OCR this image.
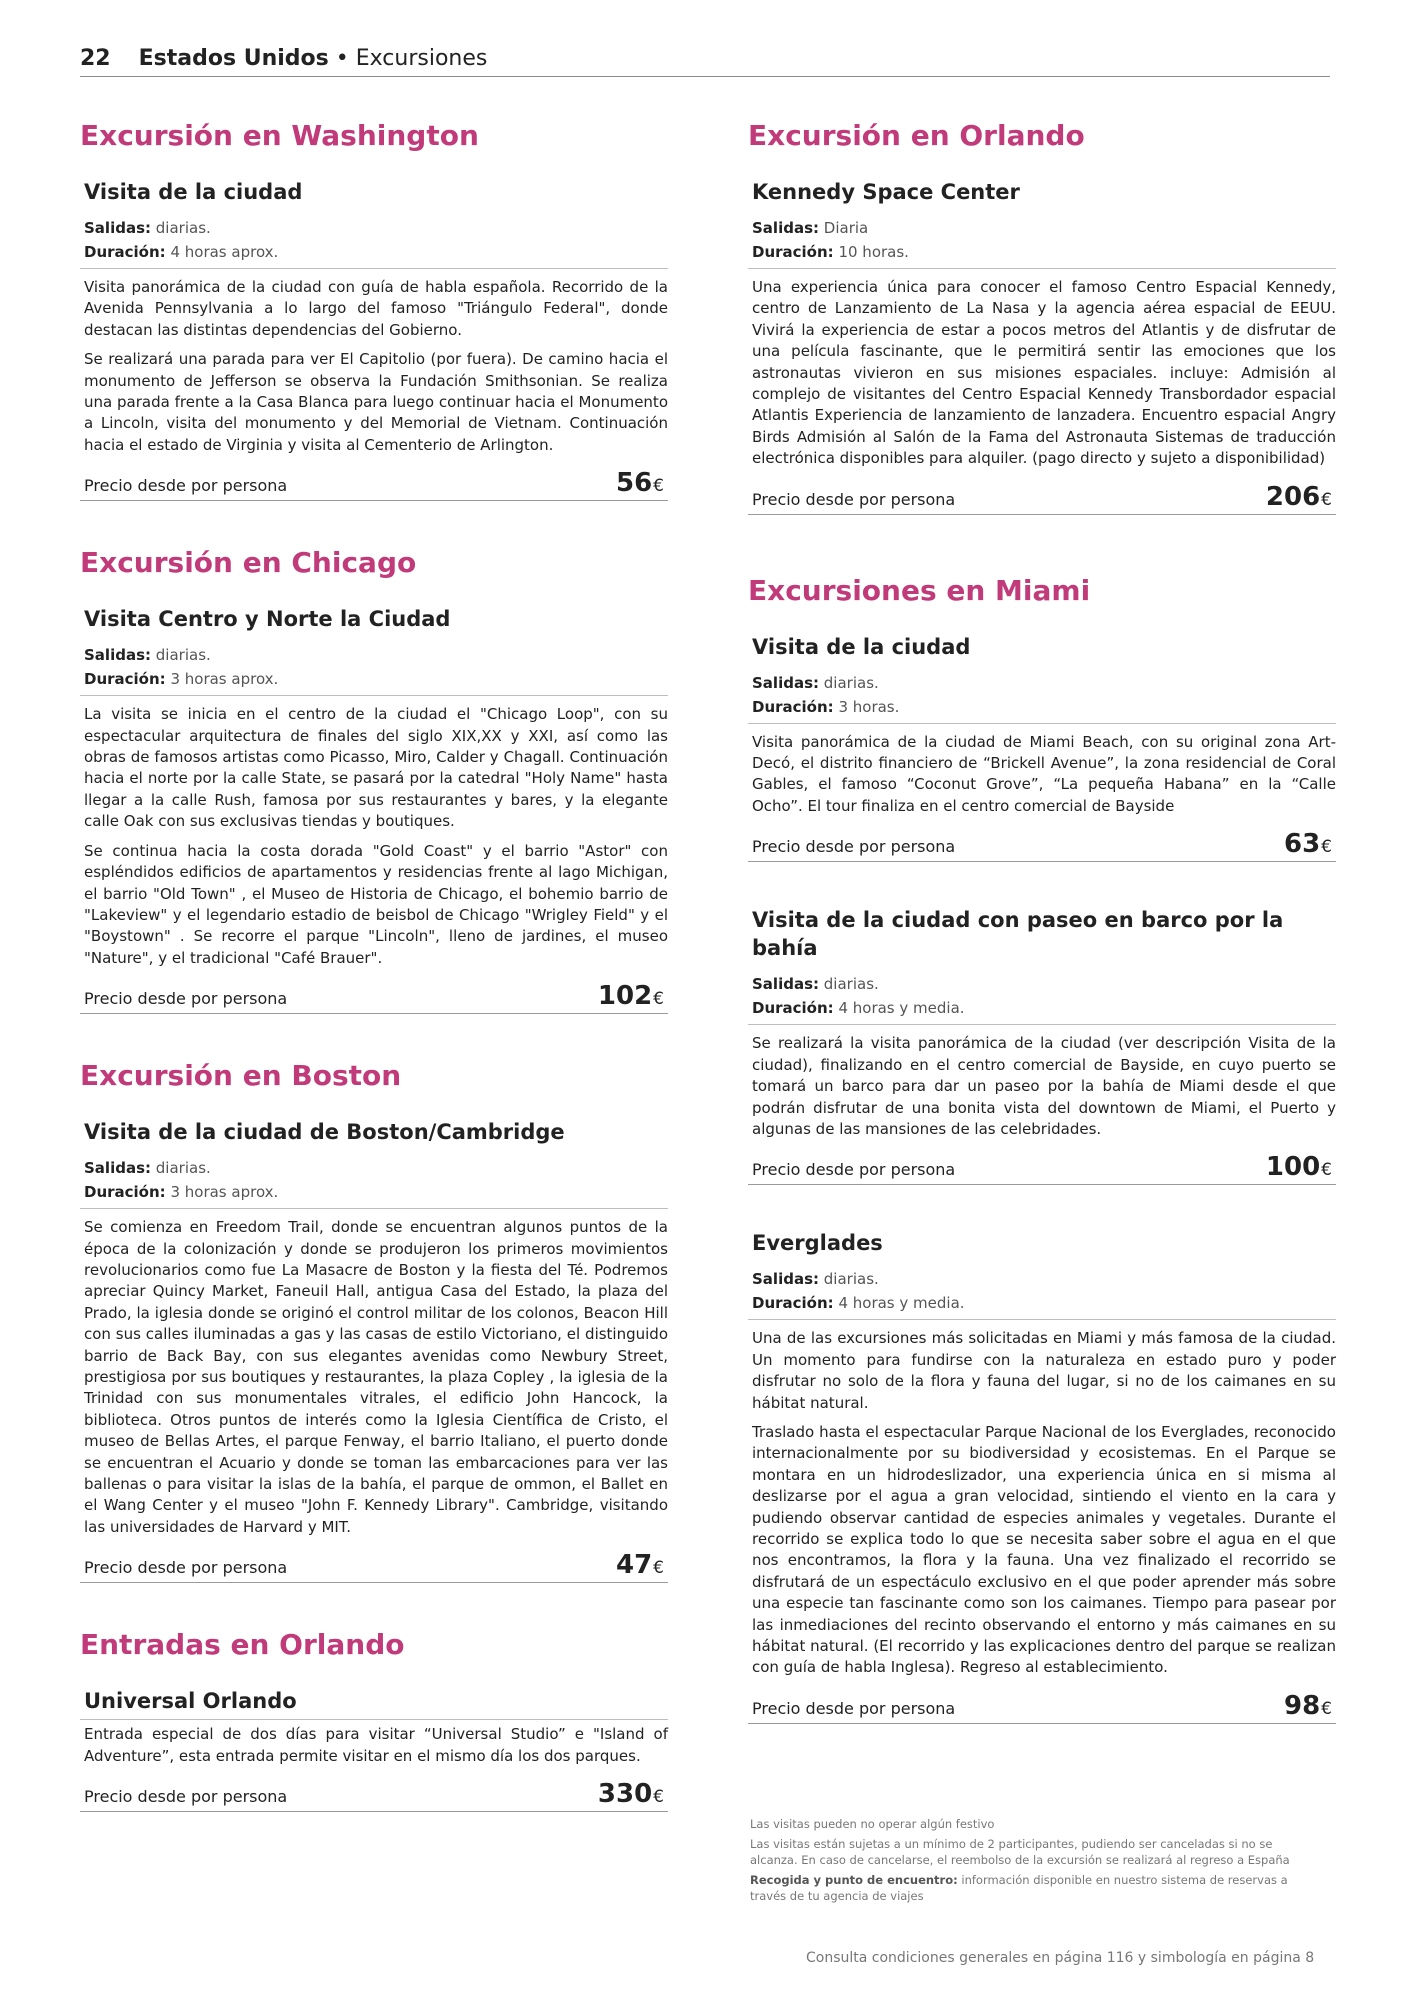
22 Estados Unidos • Excursiones
Excursión en Washington
Visita de la ciudad
Salidas: diarias.
Duración: 4 horas aprox.

Visita panorámica de la ciudad con guía de habla española. Recorrido de la Avenida Pennsylvania a lo largo del famoso "Triángulo Federal", donde destacan las distintas dependencias del Gobierno.

Se realizará una parada para ver El Capitolio (por fuera). De camino hacia el monumento de Jefferson se observa la Fundación Smithsonian. Se realiza una parada frente a la Casa Blanca para luego continuar hacia el Monumento a Lincoln, visita del monumento y del Memorial de Vietnam. Continuación hacia el estado de Virginia y visita al Cementerio de Arlington.

Precio desde por persona	56€
Excursión en Chicago
Visita Centro y Norte la Ciudad
Salidas: diarias.
Duración: 3 horas aprox.

La visita se inicia en el centro de la ciudad el "Chicago Loop", con su espectacular arquitectura de finales del siglo XIX,XX y XXI, así como las obras de famosos artistas como Picasso, Miro, Calder y Chagall. Continuación hacia el norte por la calle State, se pasará por la catedral "Holy Name" hasta llegar a la calle Rush, famosa por sus restaurantes y bares, y la elegante calle Oak con sus exclusivas tiendas y boutiques.

Se continua hacia la costa dorada "Gold Coast" y el barrio "Astor" con espléndidos edificios de apartamentos y residencias frente al lago Michigan, el barrio "Old Town" , el Museo de Historia de Chicago, el bohemio barrio de "Lakeview" y el legendario estadio de beisbol de Chicago "Wrigley Field" y el "Boystown" . Se recorre el parque "Lincoln", lleno de jardines, el museo "Nature", y el tradicional "Café Brauer".

Precio desde por persona	102€
Excursión en Boston
Visita de la ciudad de Boston/Cambridge
Salidas: diarias.
Duración: 3 horas aprox.

Se comienza en Freedom Trail, donde se encuentran algunos puntos de la época de la colonización y donde se produjeron los primeros movimientos revolucionarios como fue La Masacre de Boston y la fiesta del Té. Podremos apreciar Quincy Market, Faneuil Hall, antigua Casa del Estado, la plaza del Prado, la iglesia donde se originó el control militar de los colonos, Beacon Hill con sus calles iluminadas a gas y las casas de estilo Victoriano, el distinguido barrio de Back Bay, con sus elegantes avenidas como Newbury Street, prestigiosa por sus boutiques y restaurantes, la plaza Copley , la iglesia de la Trinidad con sus monumentales vitrales, el edificio John Hancock, la biblioteca. Otros puntos de interés como la Iglesia Científica de Cristo, el museo de Bellas Artes, el parque Fenway, el barrio Italiano, el puerto donde se encuentran el Acuario y donde se toman las embarcaciones para ver las ballenas o para visitar la islas de la bahía, el parque de ommon, el Ballet en el Wang Center y el museo "John F. Kennedy Library". Cambridge, visitando las universidades de Harvard y MIT.

Precio desde por persona	47€
Entradas en Orlando
Universal Orlando

Entrada especial de dos días para visitar “Universal Studio” e "Island of Adventure”, esta entrada permite visitar en el mismo día los dos parques.

Precio desde por persona	330€
Excursión en Orlando
Kennedy Space Center
Salidas: Diaria
Duración: 10 horas.

Una experiencia única para conocer el famoso Centro Espacial Kennedy, centro de Lanzamiento de La Nasa y la agencia aérea espacial de EEUU. Vivirá la experiencia de estar a pocos metros del Atlantis y de disfrutar de una película fascinante, que le permitirá sentir las emociones que los astronautas vivieron en sus misiones espaciales. incluye: Admisión al complejo de visitantes del Centro Espacial Kennedy Transbordador espacial Atlantis Experiencia de lanzamiento de lanzadera. Encuentro espacial Angry Birds Admisión al Salón de la Fama del Astronauta Sistemas de traducción electrónica disponibles para alquiler. (pago directo y sujeto a disponibilidad)

Precio desde por persona	206€
Excursiones en Miami
Visita de la ciudad
Salidas: diarias.
Duración: 3 horas.

Visita panorámica de la ciudad de Miami Beach, con su original zona Art-Decó, el distrito financiero de “Brickell Avenue”, la zona residencial de Coral Gables, el famoso “Coconut Grove”, “La pequeña Habana” en la “Calle Ocho”. El tour finaliza en el centro comercial de Bayside

Precio desde por persona	63€
Visita de la ciudad con paseo en barco por la bahía
Salidas: diarias.
Duración: 4 horas y media.

Se realizará la visita panorámica de la ciudad (ver descripción Visita de la ciudad), finalizando en el centro comercial de Bayside, en cuyo puerto se tomará un barco para dar un paseo por la bahía de Miami desde el que podrán disfrutar de una bonita vista del downtown de Miami, el Puerto y algunas de las mansiones de las celebridades.

Precio desde por persona	100€
Everglades
Salidas: diarias.
Duración: 4 horas y media.

Una de las excursiones más solicitadas en Miami y más famosa de la ciudad. Un momento para fundirse con la naturaleza en estado puro y poder disfrutar no solo de la flora y fauna del lugar, si no de los caimanes en su hábitat natural.

Traslado hasta el espectacular Parque Nacional de los Everglades, reconocido internacionalmente por su biodiversidad y ecosistemas. En el Parque se montara en un hidrodeslizador, una experiencia única en si misma al deslizarse por el agua a gran velocidad, sintiendo el viento en la cara y pudiendo observar cantidad de especies animales y vegetales. Durante el recorrido se explica todo lo que se necesita saber sobre el agua en el que nos encontramos, la flora y la fauna. Una vez finalizado el recorrido se disfrutará de un espectáculo exclusivo en el que poder aprender más sobre una especie tan fascinante como son los caimanes. Tiempo para pasear por las inmediaciones del recinto observando el entorno y más caimanes en su hábitat natural. (El recorrido y las explicaciones dentro del parque se realizan con guía de habla Inglesa). Regreso al establecimiento.

Precio desde por persona	98€

Las visitas pueden no operar algún festivo

Las visitas están sujetas a un mínimo de 2 participantes, pudiendo ser canceladas si no se alcanza. En caso de cancelarse, el reembolso de la excursión se realizará al regreso a España

Recogida y punto de encuentro: información disponible en nuestro sistema de reservas a través de tu agencia de viajes

Consulta condiciones generales en página 116 y simbología en página 8
